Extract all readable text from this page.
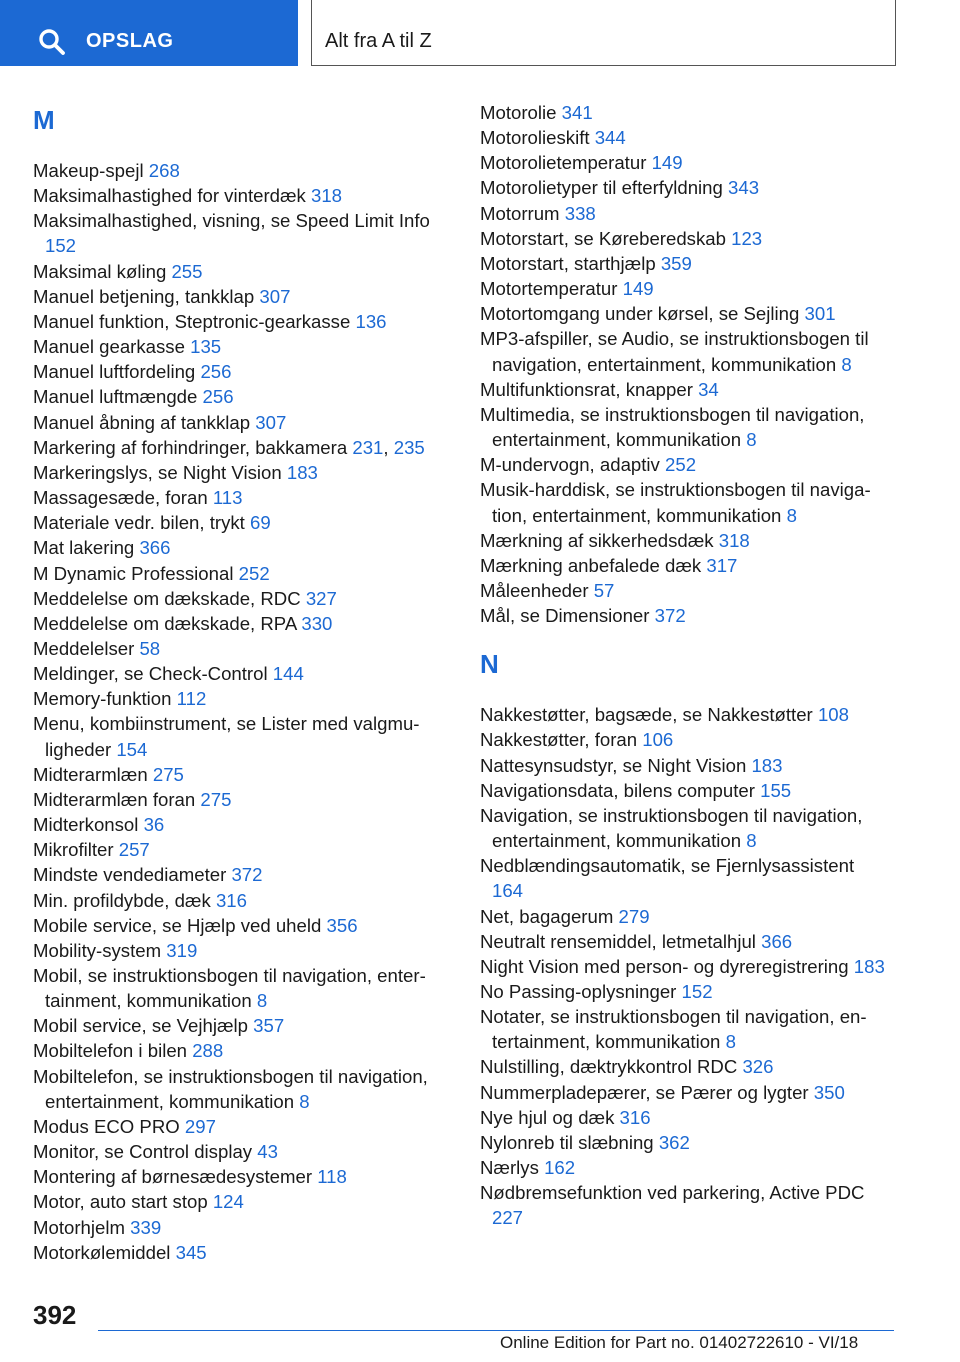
OPSLAG	Alt fra A til Z
M
Makeup-spejl 268
Maksimalhastighed for vinterdæk 318
Maksimalhastighed, visning, se Speed Limit Info 152
Maksimal køling 255
Manuel betjening, tankklap 307
Manuel funktion, Steptronic-gearkasse 136
Manuel gearkasse 135
Manuel luftfordeling 256
Manuel luftmængde 256
Manuel åbning af tankklap 307
Markering af forhindringer, bakkamera 231, 235
Markeringslys, se Night Vision 183
Massagesæde, foran 113
Materiale vedr. bilen, trykt 69
Mat lakering 366
M Dynamic Professional 252
Meddelelse om dækskade, RDC 327
Meddelelse om dækskade, RPA 330
Meddelelser 58
Meldinger, se Check-Control 144
Memory-funktion 112
Menu, kombiinstrument, se Lister med valgmuligheder 154
Midterarmlæn 275
Midterarmlæn foran 275
Midterkonsol 36
Mikrofilter 257
Mindste vendediameter 372
Min. profildybde, dæk 316
Mobile service, se Hjælp ved uheld 356
Mobility-system 319
Mobil, se instruktionsbogen til navigation, entertainment, kommunikation 8
Mobil service, se Vejhjælp 357
Mobiltelefon i bilen 288
Mobiltelefon, se instruktionsbogen til navigation, entertainment, kommunikation 8
Modus ECO PRO 297
Monitor, se Control display 43
Montering af børnesædesystemer 118
Motor, auto start stop 124
Motorhjelm 339
Motorkølemiddel 345
Motorolie 341
Motorolieskift 344
Motorolietemperatur 149
Motorolietyper til efterfyldning 343
Motorrum 338
Motorstart, se Køreberedskab 123
Motorstart, starthjælp 359
Motortemperatur 149
Motortomgang under kørsel, se Sejling 301
MP3-afspiller, se Audio, se instruktionsbogen til navigation, entertainment, kommunikation 8
Multifunktionsrat, knapper 34
Multimedia, se instruktionsbogen til navigation, entertainment, kommunikation 8
M-undervogn, adaptiv 252
Musik-harddisk, se instruktionsbogen til navigation, entertainment, kommunikation 8
Mærkning af sikkerhedsdæk 318
Mærkning anbefalede dæk 317
Måleenheder 57
Mål, se Dimensioner 372
N
Nakkestøtter, bagsæde, se Nakkestøtter 108
Nakkestøtter, foran 106
Nattesynsudstyr, se Night Vision 183
Navigationsdata, bilens computer 155
Navigation, se instruktionsbogen til navigation, entertainment, kommunikation 8
Nedblændingsautomatik, se Fjernlysassistent 164
Net, bagagerum 279
Neutralt rensemiddel, letmetalhjul 366
Night Vision med person- og dyreregistrering 183
No Passing-oplysninger 152
Notater, se instruktionsbogen til navigation, entertainment, kommunikation 8
Nulstilling, dæktrykkontrol RDC 326
Nummerpladepærer, se Pærer og lygter 350
Nye hjul og dæk 316
Nylonreb til slæbning 362
Nærlys 162
Nødbremsefunktion ved parkering, Active PDC 227
392
Online Edition for Part no. 01402722610 - VI/18
